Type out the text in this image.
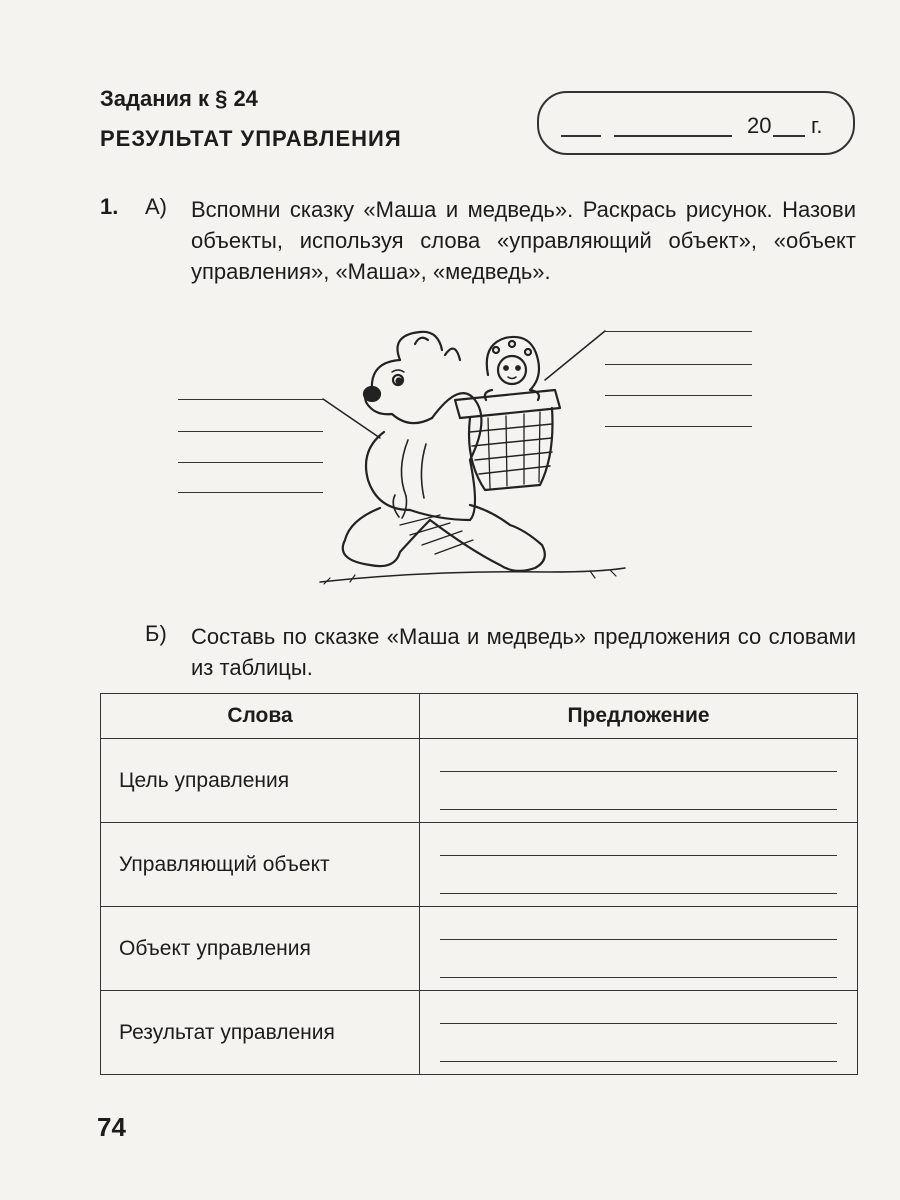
Задания к § 24
РЕЗУЛЬТАТ УПРАВЛЕНИЯ
20 г.
1. А) Вспомни сказку «Маша и медведь». Раскрась рисунок. Назови объекты, используя слова «управляющий объект», «объект управления», «Маша», «медведь».
Б) Составь по сказке «Маша и медведь» предложения со словами из таблицы.
Слова	Предложение
Цель управления	

Управляющий объект	

Объект управления	

Результат управления	
74
